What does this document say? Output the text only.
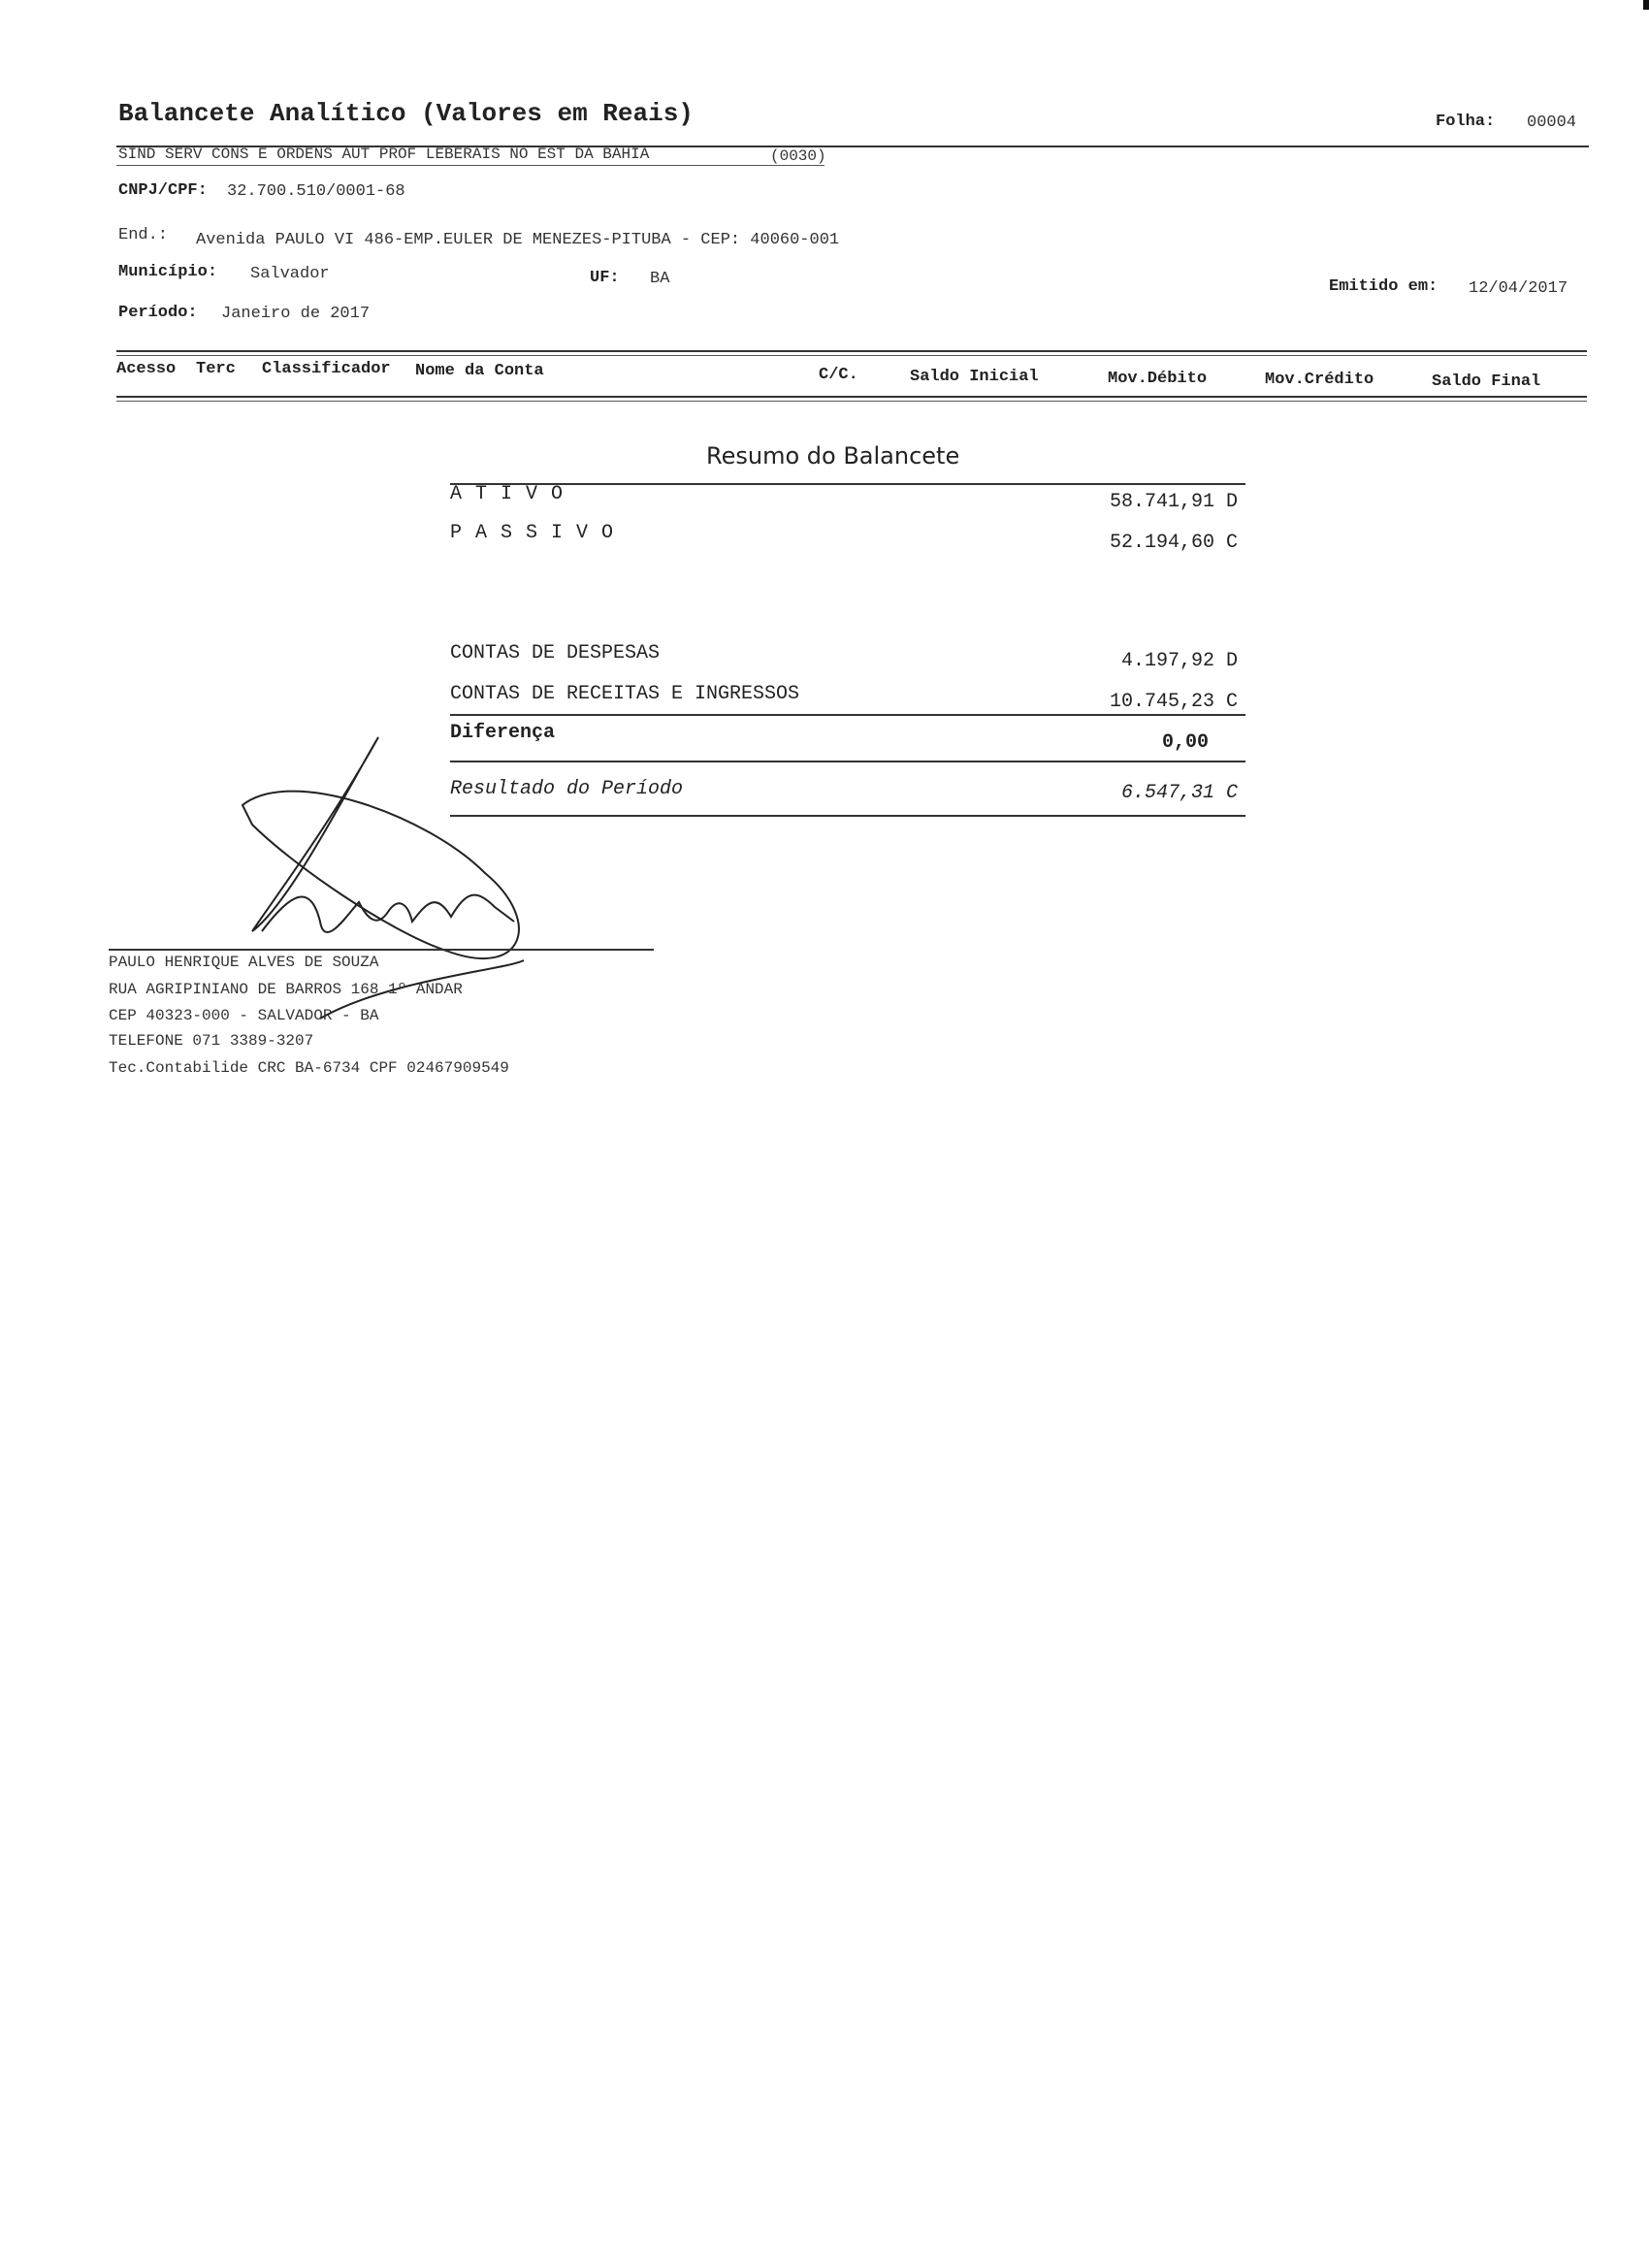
Balancete Analítico (Valores em Reais)	Folha: 00004
SIND SERV CONS E ORDENS AUT PROF LEBERAIS NO EST DA BAHIA	(0030)
CNPJ/CPF: 32.700.510/0001-68
End.: Avenida PAULO VI 486-EMP.EULER DE MENEZES-PITUBA - CEP: 40060-001
Município: Salvador	UF: BA	Emitido em: 12/04/2017
Período: Janeiro de 2017
Acesso Terc Classificador Nome da Conta	C/C.	Saldo Inicial	Mov.Débito	Mov.Crédito	Saldo Final
Resumo do Balancete
ATIVO	58.741,91 D
PASSIVO	52.194,60 C
CONTAS DE DESPESAS	4.197,92 D
CONTAS DE RECEITAS E INGRESSOS	10.745,23 C
Diferença	0,00
Resultado do Período	6.547,31 C
PAULO HENRIQUE ALVES DE SOUZA
RUA AGRIPINIANO DE BARROS 168 1º ANDAR
CEP 40323-000 - SALVADOR - BA
TELEFONE 071 3389-3207
Tec.Contabilide CRC BA-6734 CPF 02467909549
